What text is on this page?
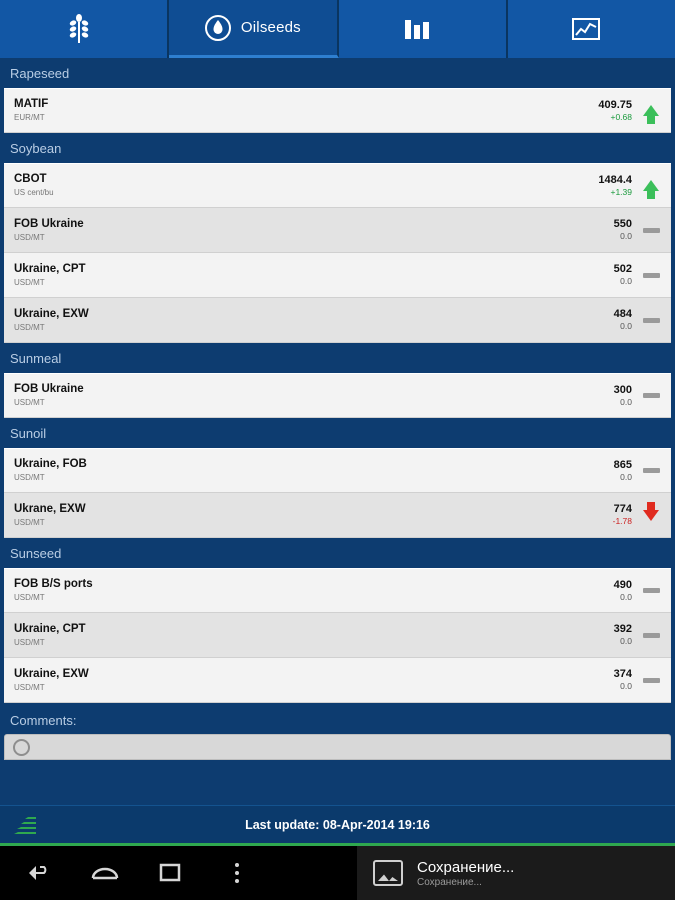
Oilseeds
Rapeseed
MATIF
EUR/MT
409.75
+0.68
Soybean
CBOT
US cent/bu
1484.4
+1.39
FOB Ukraine
USD/MT
550
0.0
Ukraine, CPT
USD/MT
502
0.0
Ukraine, EXW
USD/MT
484
0.0
Sunmeal
FOB Ukraine
USD/MT
300
0.0
Sunoil
Ukraine, FOB
USD/MT
865
0.0
Ukrane, EXW
USD/MT
774
-1.78
Sunseed
FOB B/S ports
USD/MT
490
0.0
Ukraine, CPT
USD/MT
392
0.0
Ukraine, EXW
USD/MT
374
0.0
Comments:
Last update: 08-Apr-2014 19:16
Сохранение...
Сохранение...
